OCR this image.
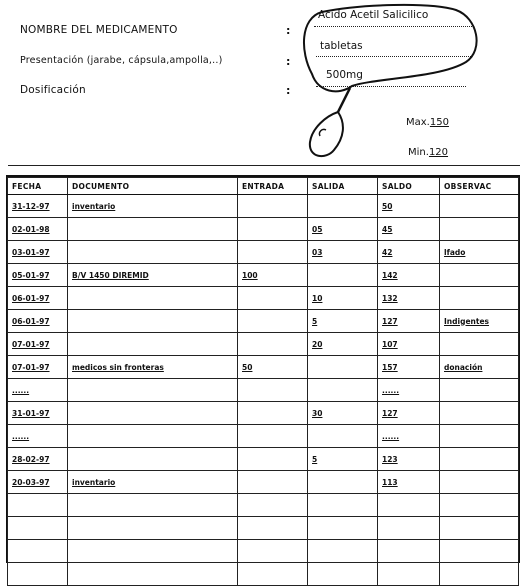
NOMBRE DEL MEDICAMENTO	:
Acido Acetil Salicilico
Presentación (jarabe, cápsula,ampolla,..)	:
tabletas
Dosificación	:
500mg
Max.150
Min.120
FECHA	DOCUMENTO	ENTRADA	SALIDA	SALDO	OBSERVAC
31-12-97	inventario			50	
02-01-98			05	45	
03-01-97			03	42	lfado
05-01-97	B/V 1450 DIREMID	100		142	
06-01-97			10	132	
06-01-97			5	127	Indigentes
07-01-97			20	107	
07-01-97	medicos sin fronteras	50		157	donación
......				......	
31-01-97			30	127	
......				......	
28-02-97			5	123	
20-03-97	inventario			113	
